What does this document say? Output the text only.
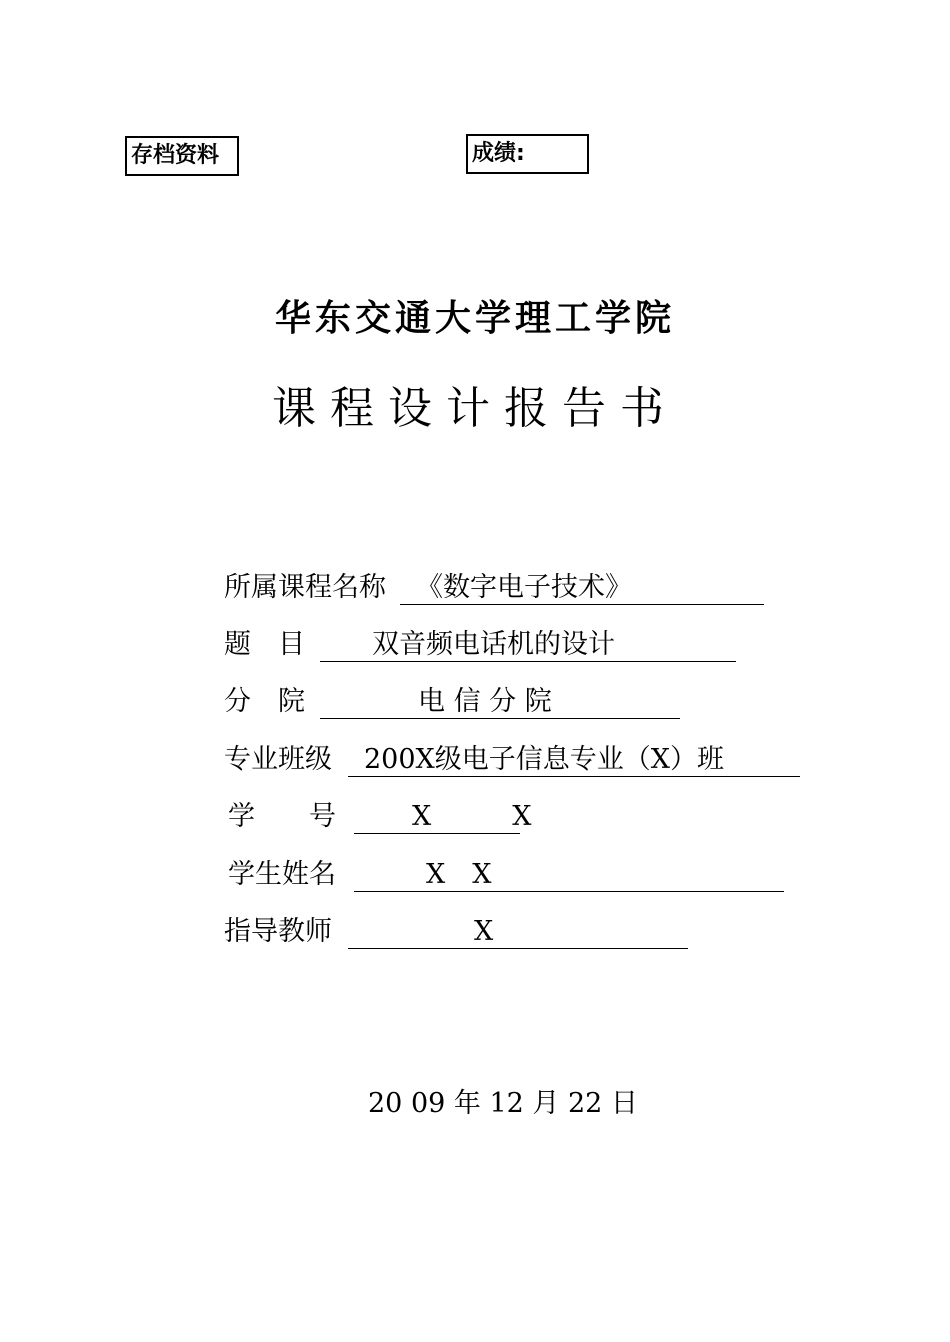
存档资料	成绩:
华东交通大学理工学院
课程设计报告书
所属课程名称 《数字电子技术》
题　目 双音频电话机的设计
分　院	电 信 分 院
专业班级 200X级电子信息专业（X）班
学　　号	X　　　X
学生姓名	X　X
指导教师	X
20 09 年 12 月 22 日
